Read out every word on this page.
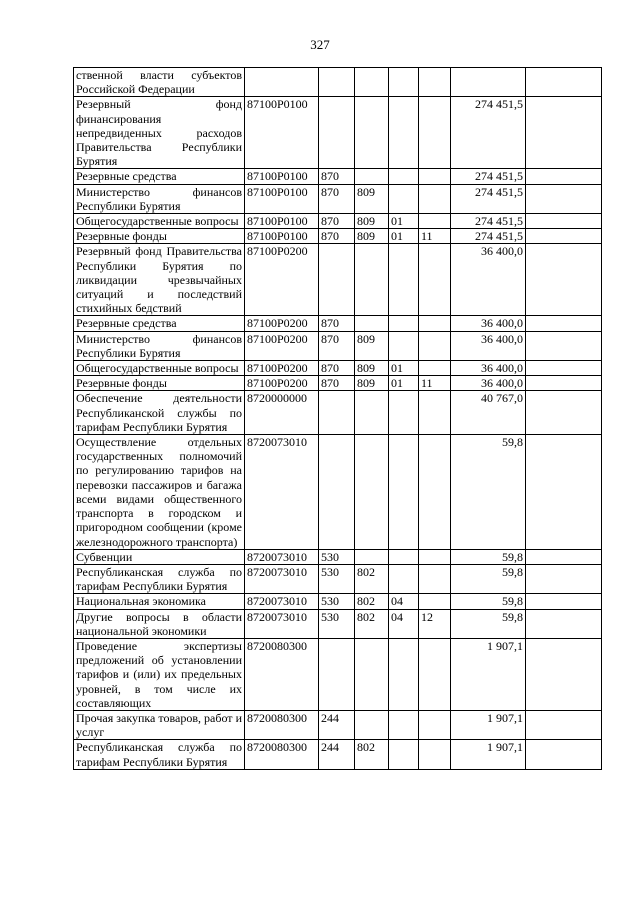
327
ственной власти субъектов Российской Федерации							
Резервный фонд финансирования непредвиденных расходов Правительства Республики Бурятия	87100Р0100					274 451,5	
Резервные средства	87100Р0100	870				274 451,5	
Министерство финансов Республики Бурятия	87100Р0100	870	809			274 451,5	
Общегосударственные вопросы	87100Р0100	870	809	01		274 451,5	
Резервные фонды	87100Р0100	870	809	01	11	274 451,5	
Резервный фонд Правительства Республики Бурятия по ликвидации чрезвычайных ситуаций и последствий стихийных бедствий	87100Р0200					36 400,0	
Резервные средства	87100Р0200	870				36 400,0	
Министерство финансов Республики Бурятия	87100Р0200	870	809			36 400,0	
Общегосударственные вопросы	87100Р0200	870	809	01		36 400,0	
Резервные фонды	87100Р0200	870	809	01	11	36 400,0	
Обеспечение деятельности Республиканской службы по тарифам Республики Бурятия	8720000000					40 767,0	
Осуществление отдельных государственных полномочий по регулированию тарифов на перевозки пассажиров и багажа всеми видами общественного транспорта в городском и пригородном сообщении (кроме железнодорожного транспорта)	8720073010					59,8	
Субвенции	8720073010	530				59,8	
Республиканская служба по тарифам Республики Бурятия	8720073010	530	802			59,8	
Национальная экономика	8720073010	530	802	04		59,8	
Другие вопросы в области национальной экономики	8720073010	530	802	04	12	59,8	
Проведение экспертизы предложений об установлении тарифов и (или) их предельных уровней, в том числе их составляющих	8720080300					1 907,1	
Прочая закупка товаров, работ и услуг	8720080300	244				1 907,1	
Республиканская служба по тарифам Республики Бурятия	8720080300	244	802			1 907,1	
